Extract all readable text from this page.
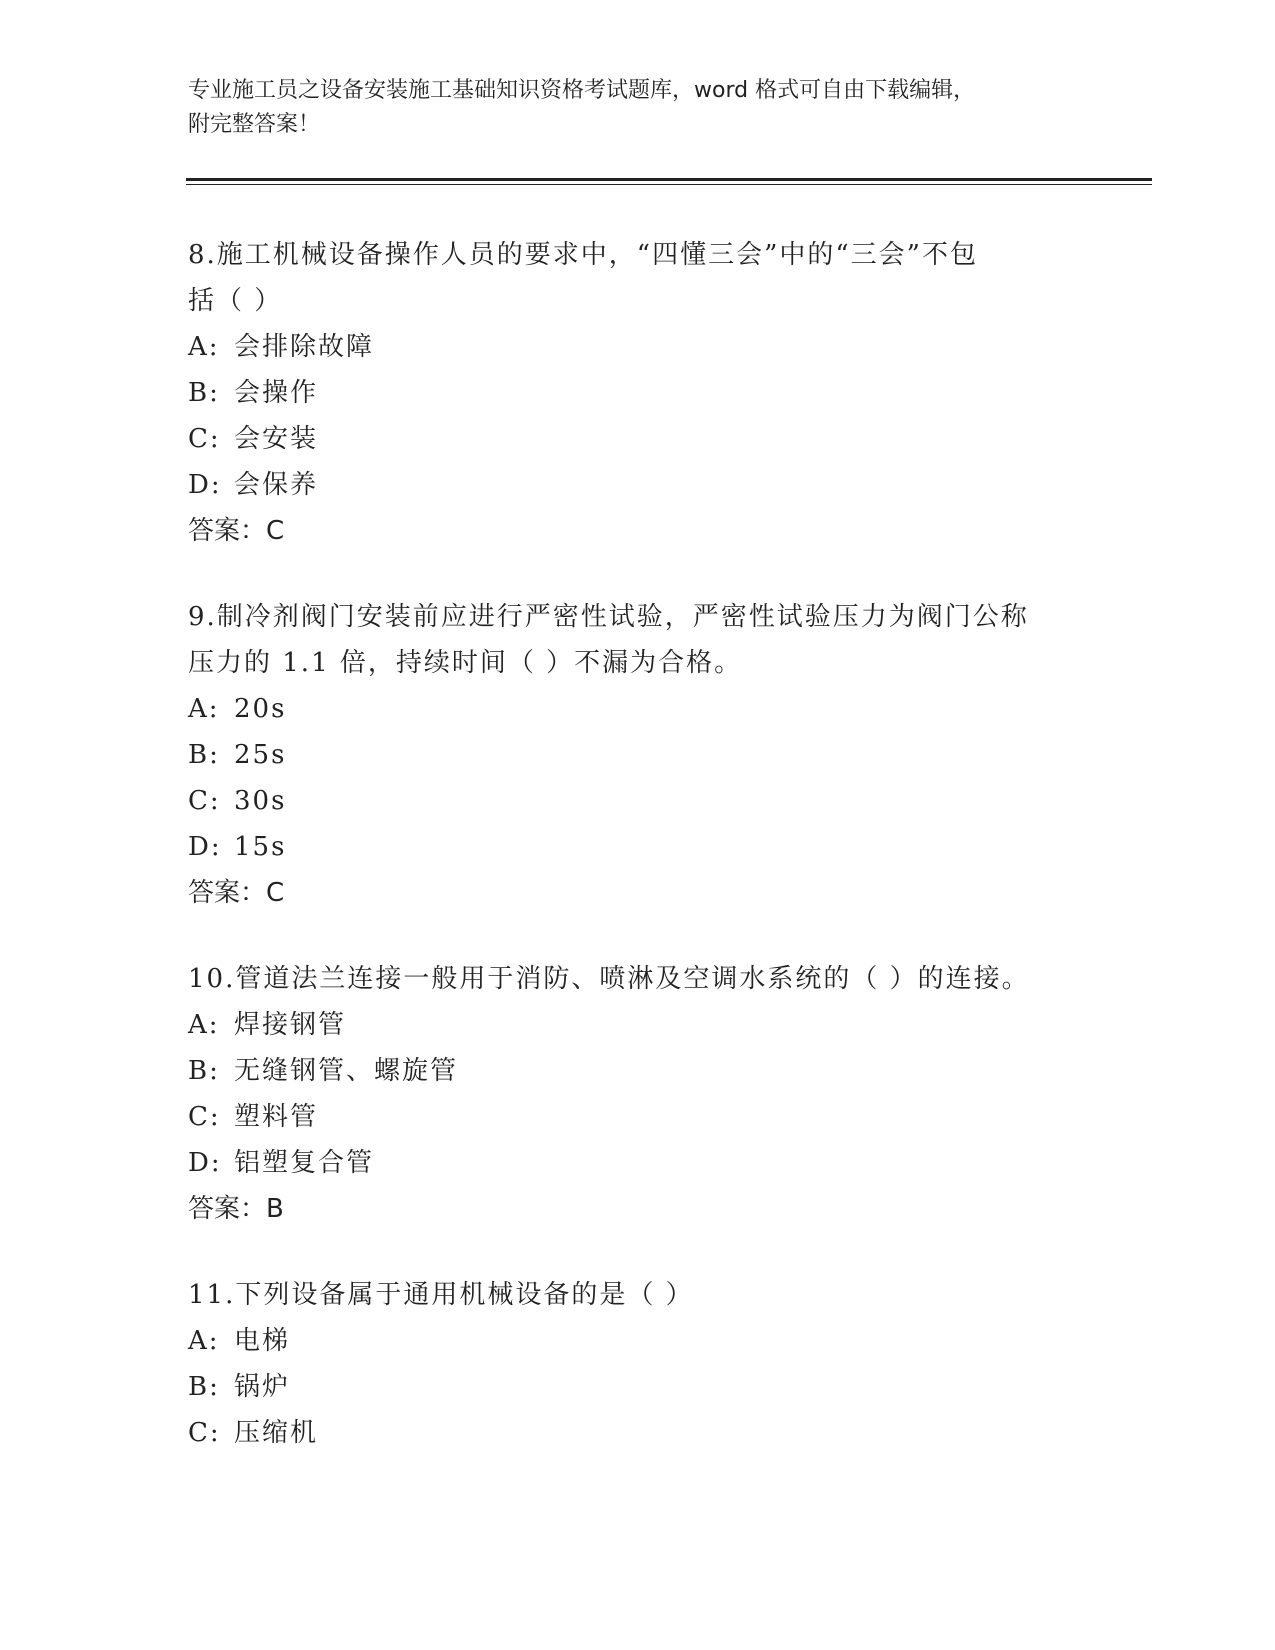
专业施工员之设备安装施工基础知识资格考试题库，word 格式可自由下载编辑，
附完整答案！

8.施工机械设备操作人员的要求中，“四懂三会”中的“三会”不包

括（ ）

A: 会排除故障

B: 会操作

C: 会安装

D: 会保养

答案：C

9.制冷剂阀门安装前应进行严密性试验，严密性试验压力为阀门公称

压力的 1.1 倍，持续时间（ ）不漏为合格。

A: 20s

B: 25s

C: 30s

D: 15s

答案：C

10.管道法兰连接一般用于消防、喷淋及空调水系统的（ ）的连接。

A: 焊接钢管

B: 无缝钢管、螺旋管

C: 塑料管

D: 铝塑复合管

答案：B

11.下列设备属于通用机械设备的是（ ）

A: 电梯

B: 锅炉

C: 压缩机
